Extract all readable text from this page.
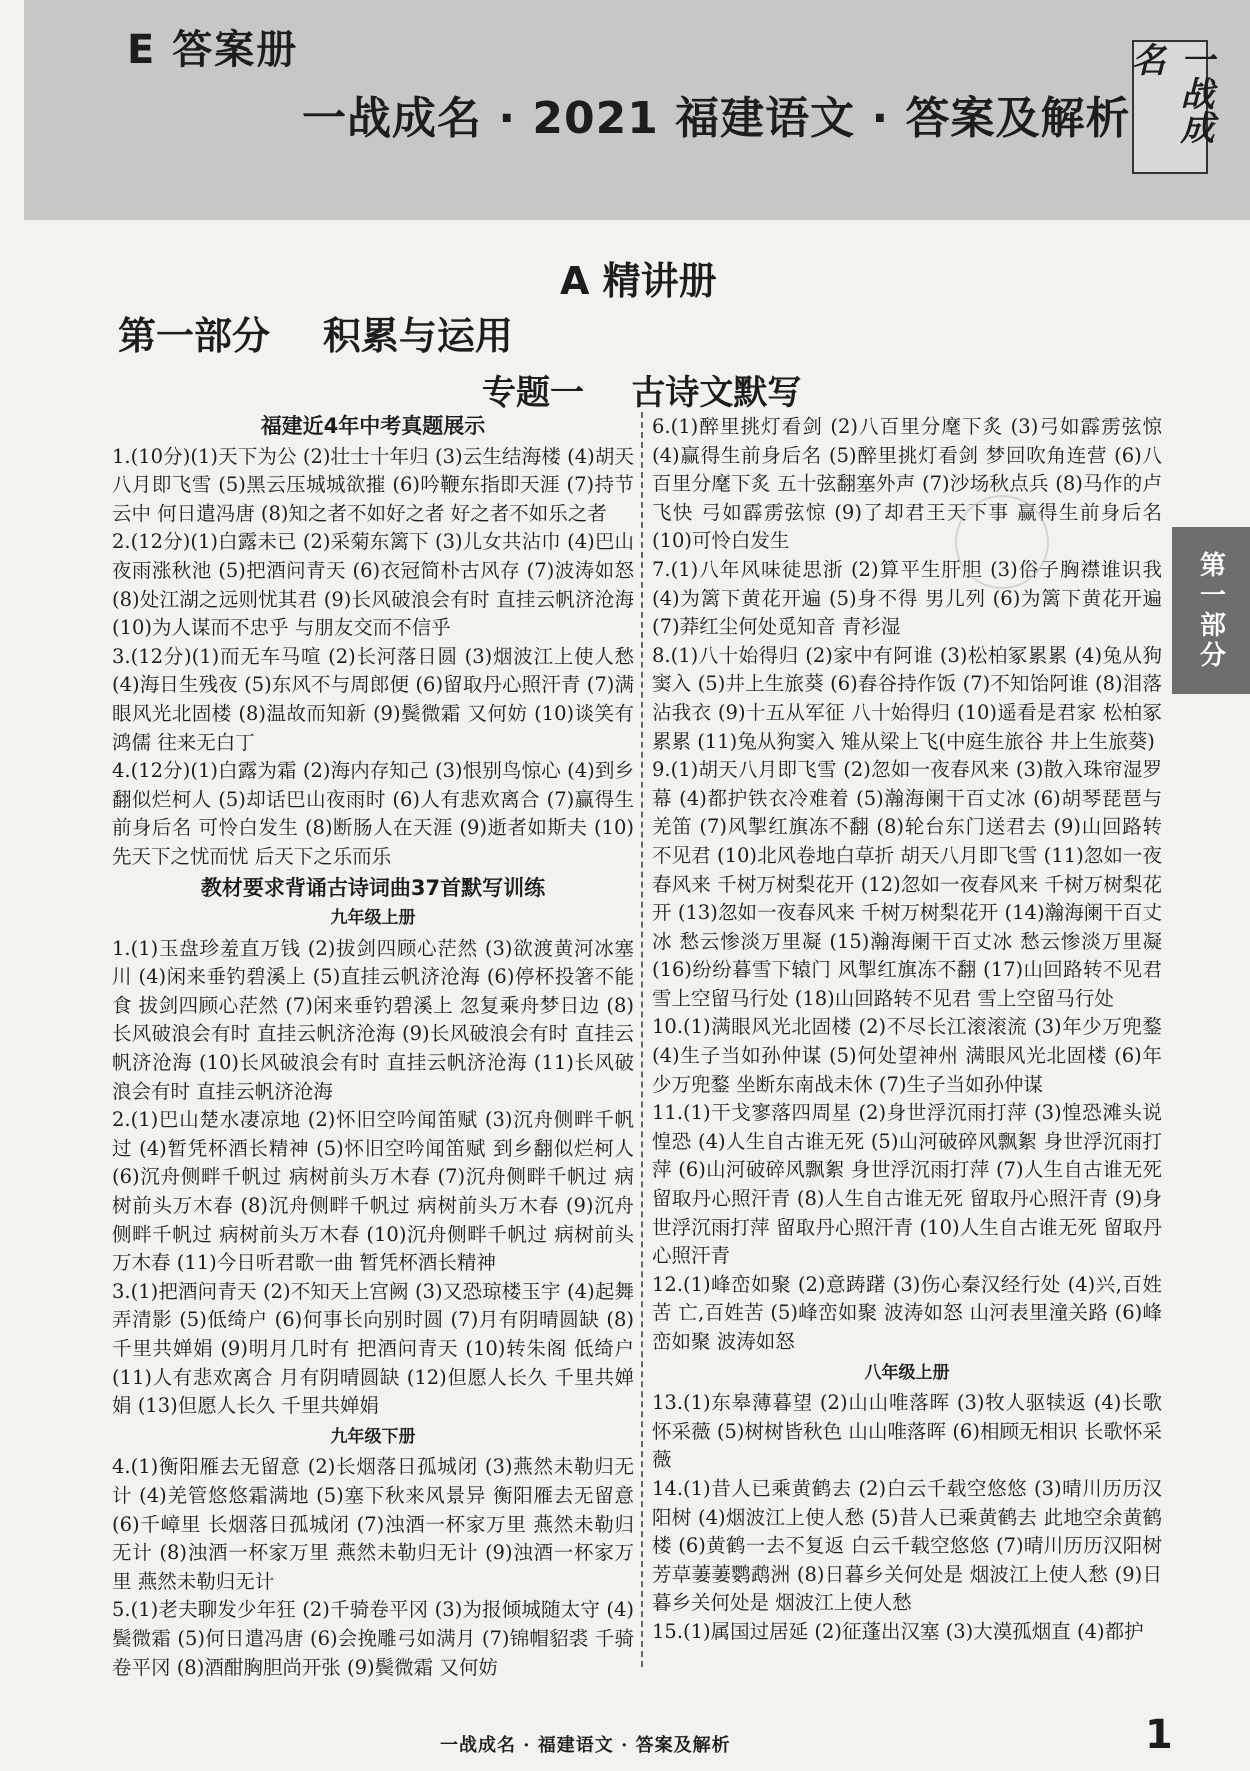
E 答案册
一战成名 · 2021 福建语文 · 答案及解析	一战成名
A 精讲册
第一部分    积累与运用
专题一    古诗文默写
福建近4年中考真题展示

1.(10分)(1)天下为公 (2)壮士十年归 (3)云生结海楼 (4)胡天八月即飞雪 (5)黑云压城城欲摧 (6)吟鞭东指即天涯 (7)持节云中 何日遣冯唐 (8)知之者不如好之者 好之者不如乐之者

2.(12分)(1)白露未已 (2)采菊东篱下 (3)儿女共沾巾 (4)巴山夜雨涨秋池 (5)把酒问青天 (6)衣冠简朴古风存 (7)波涛如怒 (8)处江湖之远则忧其君 (9)长风破浪会有时 直挂云帆济沧海 (10)为人谋而不忠乎 与朋友交而不信乎

3.(12分)(1)而无车马喧 (2)长河落日圆 (3)烟波江上使人愁 (4)海日生残夜 (5)东风不与周郎便 (6)留取丹心照汗青 (7)满眼风光北固楼 (8)温故而知新 (9)鬓微霜 又何妨 (10)谈笑有鸿儒 往来无白丁

4.(12分)(1)白露为霜 (2)海内存知己 (3)恨别鸟惊心 (4)到乡翻似烂柯人 (5)却话巴山夜雨时 (6)人有悲欢离合 (7)赢得生前身后名 可怜白发生 (8)断肠人在天涯 (9)逝者如斯夫 (10)先天下之忧而忧 后天下之乐而乐

教材要求背诵古诗词曲37首默写训练
九年级上册

1.(1)玉盘珍羞直万钱 (2)拔剑四顾心茫然 (3)欲渡黄河冰塞川 (4)闲来垂钓碧溪上 (5)直挂云帆济沧海 (6)停杯投箸不能食 拔剑四顾心茫然 (7)闲来垂钓碧溪上 忽复乘舟梦日边 (8)长风破浪会有时 直挂云帆济沧海 (9)长风破浪会有时 直挂云帆济沧海 (10)长风破浪会有时 直挂云帆济沧海 (11)长风破浪会有时 直挂云帆济沧海

2.(1)巴山楚水凄凉地 (2)怀旧空吟闻笛赋 (3)沉舟侧畔千帆过 (4)暂凭杯酒长精神 (5)怀旧空吟闻笛赋 到乡翻似烂柯人 (6)沉舟侧畔千帆过 病树前头万木春 (7)沉舟侧畔千帆过 病树前头万木春 (8)沉舟侧畔千帆过 病树前头万木春 (9)沉舟侧畔千帆过 病树前头万木春 (10)沉舟侧畔千帆过 病树前头万木春 (11)今日听君歌一曲 暂凭杯酒长精神

3.(1)把酒问青天 (2)不知天上宫阙 (3)又恐琼楼玉宇 (4)起舞弄清影 (5)低绮户 (6)何事长向别时圆 (7)月有阴晴圆缺 (8)千里共婵娟 (9)明月几时有 把酒问青天 (10)转朱阁 低绮户 (11)人有悲欢离合 月有阴晴圆缺 (12)但愿人长久 千里共婵娟 (13)但愿人长久 千里共婵娟

九年级下册

4.(1)衡阳雁去无留意 (2)长烟落日孤城闭 (3)燕然未勒归无计 (4)羌管悠悠霜满地 (5)塞下秋来风景异 衡阳雁去无留意 (6)千嶂里 长烟落日孤城闭 (7)浊酒一杯家万里 燕然未勒归无计 (8)浊酒一杯家万里 燕然未勒归无计 (9)浊酒一杯家万里 燕然未勒归无计

5.(1)老夫聊发少年狂 (2)千骑卷平冈 (3)为报倾城随太守 (4)鬓微霜 (5)何日遣冯唐 (6)会挽雕弓如满月 (7)锦帽貂裘 千骑卷平冈 (8)酒酣胸胆尚开张 (9)鬓微霜 又何妨

6.(1)醉里挑灯看剑 (2)八百里分麾下炙 (3)弓如霹雳弦惊 (4)赢得生前身后名 (5)醉里挑灯看剑 梦回吹角连营 (6)八百里分麾下炙 五十弦翻塞外声 (7)沙场秋点兵 (8)马作的卢飞快 弓如霹雳弦惊 (9)了却君王天下事 赢得生前身后名 (10)可怜白发生

7.(1)八年风味徒思浙 (2)算平生肝胆 (3)俗子胸襟谁识我 (4)为篱下黄花开遍 (5)身不得 男儿列 (6)为篱下黄花开遍 (7)莽红尘何处觅知音 青衫湿

8.(1)八十始得归 (2)家中有阿谁 (3)松柏冢累累 (4)兔从狗窦入 (5)井上生旅葵 (6)舂谷持作饭 (7)不知饴阿谁 (8)泪落沾我衣 (9)十五从军征 八十始得归 (10)遥看是君家 松柏冢累累 (11)兔从狗窦入 雉从梁上飞(中庭生旅谷 井上生旅葵)

9.(1)胡天八月即飞雪 (2)忽如一夜春风来 (3)散入珠帘湿罗幕 (4)都护铁衣冷难着 (5)瀚海阑干百丈冰 (6)胡琴琵琶与羌笛 (7)风掣红旗冻不翻 (8)轮台东门送君去 (9)山回路转不见君 (10)北风卷地白草折 胡天八月即飞雪 (11)忽如一夜春风来 千树万树梨花开 (12)忽如一夜春风来 千树万树梨花开 (13)忽如一夜春风来 千树万树梨花开 (14)瀚海阑干百丈冰 愁云惨淡万里凝 (15)瀚海阑干百丈冰 愁云惨淡万里凝 (16)纷纷暮雪下辕门 风掣红旗冻不翻 (17)山回路转不见君 雪上空留马行处 (18)山回路转不见君 雪上空留马行处

10.(1)满眼风光北固楼 (2)不尽长江滚滚流 (3)年少万兜鍪 (4)生子当如孙仲谋 (5)何处望神州 满眼风光北固楼 (6)年少万兜鍪 坐断东南战未休 (7)生子当如孙仲谋

11.(1)干戈寥落四周星 (2)身世浮沉雨打萍 (3)惶恐滩头说惶恐 (4)人生自古谁无死 (5)山河破碎风飘絮 身世浮沉雨打萍 (6)山河破碎风飘絮 身世浮沉雨打萍 (7)人生自古谁无死 留取丹心照汗青 (8)人生自古谁无死 留取丹心照汗青 (9)身世浮沉雨打萍 留取丹心照汗青 (10)人生自古谁无死 留取丹心照汗青

12.(1)峰峦如聚 (2)意踌躇 (3)伤心秦汉经行处 (4)兴,百姓苦 亡,百姓苦 (5)峰峦如聚 波涛如怒 山河表里潼关路 (6)峰峦如聚 波涛如怒

八年级上册

13.(1)东皋薄暮望 (2)山山唯落晖 (3)牧人驱犊返 (4)长歌怀采薇 (5)树树皆秋色 山山唯落晖 (6)相顾无相识 长歌怀采薇

14.(1)昔人已乘黄鹤去 (2)白云千载空悠悠 (3)晴川历历汉阳树 (4)烟波江上使人愁 (5)昔人已乘黄鹤去 此地空余黄鹤楼 (6)黄鹤一去不复返 白云千载空悠悠 (7)晴川历历汉阳树 芳草萋萋鹦鹉洲 (8)日暮乡关何处是 烟波江上使人愁 (9)日暮乡关何处是 烟波江上使人愁

15.(1)属国过居延 (2)征蓬出汉塞 (3)大漠孤烟直 (4)都护

第一部分
一战成名 · 福建语文 · 答案及解析	1
